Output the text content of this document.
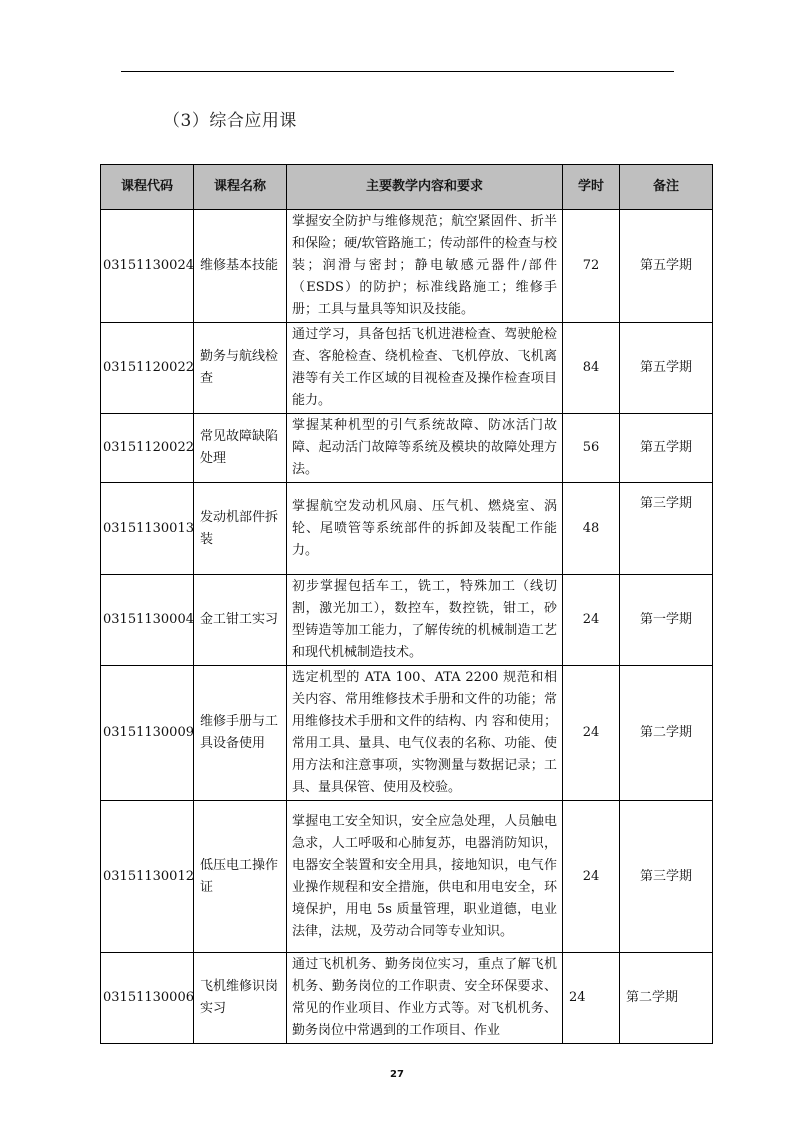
（3）综合应用课
课程代码	课程名称	主要教学内容和要求	学时	备注
03151130024	维修基本技能	掌握安全防护与维修规范；航空紧固件、折半和保险；硬/软管路施工；传动部件的检查与校装；润滑与密封；静电敏感元器件/部件（ESDS）的防护；标准线路施工；维修手册；工具与量具等知识及技能。	72	第五学期
03151120022	勤务与航线检查	通过学习，具备包括飞机进港检查、驾驶舱检查、客舱检查、绕机检查、飞机停放、飞机离港等有关工作区域的目视检查及操作检查项目能力。	84	第五学期
03151120022	常见故障缺陷处理	掌握某种机型的引气系统故障、防冰活门故障、起动活门故障等系统及模块的故障处理方法。	56	第五学期
03151130013	发动机部件拆装	掌握航空发动机风扇、压气机、燃烧室、涡轮、尾喷管等系统部件的拆卸及装配工作能力。	48	第三学期
03151130004	金工钳工实习	初步掌握包括车工，铣工，特殊加工（线切割，激光加工），数控车，数控铣，钳工，砂型铸造等加工能力，了解传统的机械制造工艺和现代机械制造技术。	24	第一学期
03151130009	维修手册与工具设备使用	选定机型的 ATA 100、ATA 2200 规范和相关内容、常用维修技术手册和文件的功能；常用维修技术手册和文件的结构、内 容和使用；常用工具、量具、电气仪表的名称、功能、使用方法和注意事项，实物测量与数据记录；工具、量具保管、使用及校验。	24	第二学期
03151130012	低压电工操作证	掌握电工安全知识，安全应急处理，人员触电急求，人工呼吸和心肺复苏，电器消防知识，电器安全装置和安全用具，接地知识，电气作业操作规程和安全措施，供电和用电安全，环境保护，用电 5s 质量管理，职业道德，电业法律，法规，及劳动合同等专业知识。	24	第三学期
03151130006	飞机维修识岗实习	通过飞机机务、勤务岗位实习，重点了解飞机机务、勤务岗位的工作职责、安全环保要求、常见的作业项目、作业方式等。对飞机机务、勤务岗位中常遇到的工作项目、作业	24	第二学期
27
